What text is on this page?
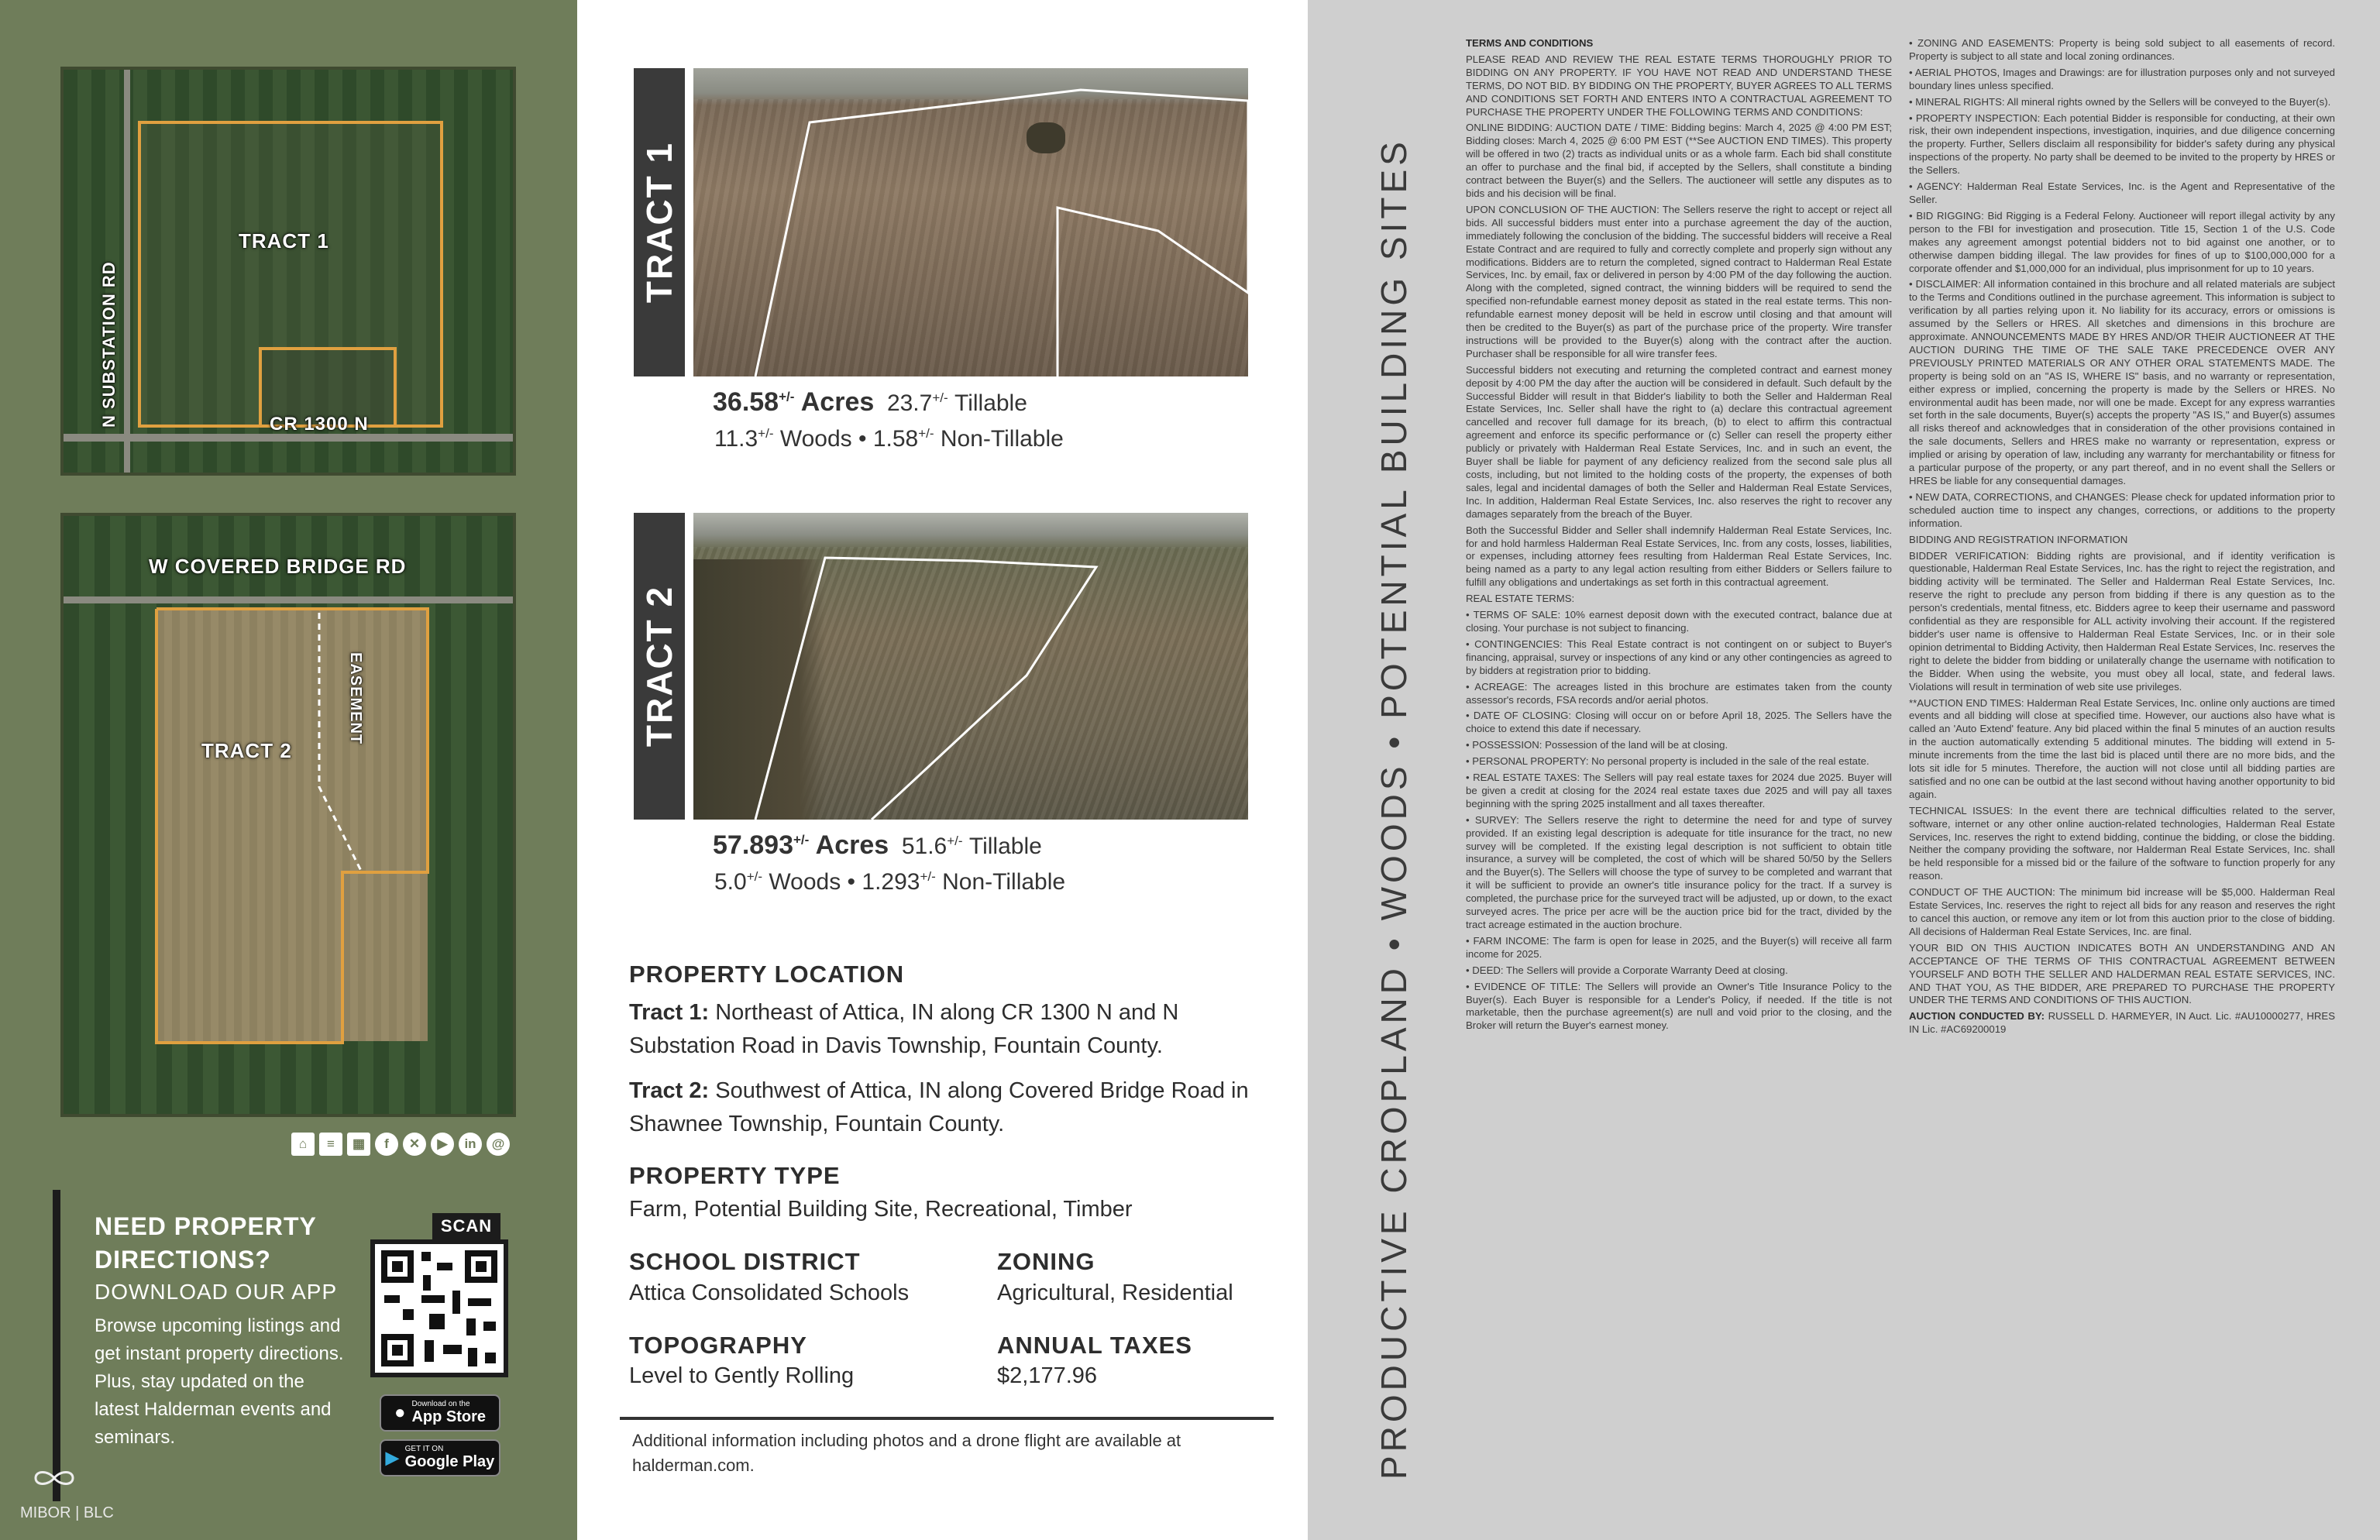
TRACT 1
N SUBSTATION RD	CR 1300 N
W COVERED BRIDGE RD
EASEMENT
TRACT 2
⌂	≡	▦	f	✕	▶	in	@
NEED PROPERTY DIRECTIONS?
DOWNLOAD OUR APP
Browse upcoming listings and get instant property directions. Plus, stay updated on the latest Halderman events and seminars.
SCAN
● Download on the
App Store
▶ GET IT ON
Google Play
MIBOR | BLC
TRACT 1
36.58+/- Acres 23.7+/- Tillable
11.3+/- Woods • 1.58+/- Non-Tillable
TRACT 2
57.893+/- Acres 51.6+/- Tillable
5.0+/- Woods • 1.293+/- Non-Tillable
PROPERTY LOCATION
Tract 1: Northeast of Attica, IN along CR 1300 N and N Substation Road in Davis Township, Fountain County.
Tract 2: Southwest of Attica, IN along Covered Bridge Road in Shawnee Township, Fountain County.
PROPERTY TYPE
Farm, Potential Building Site, Recreational, Timber
SCHOOL DISTRICT
Attica Consolidated Schools
ZONING
Agricultural, Residential
TOPOGRAPHY
Level to Gently Rolling
ANNUAL TAXES
$2,177.96
Additional information including photos and a drone flight are available at halderman.com.	PRODUCTIVE CROPLAND • WOODS • POTENTIAL BUILDING SITES

TERMS AND CONDITIONS

PLEASE READ AND REVIEW THE REAL ESTATE TERMS THOROUGHLY PRIOR TO BIDDING ON ANY PROPERTY. IF YOU HAVE NOT READ AND UNDERSTAND THESE TERMS, DO NOT BID. BY BIDDING ON THE PROPERTY, BUYER AGREES TO ALL TERMS AND CONDITIONS SET FORTH AND ENTERS INTO A CONTRACTUAL AGREEMENT TO PURCHASE THE PROPERTY UNDER THE FOLLOWING TERMS AND CONDITIONS:

ONLINE BIDDING: AUCTION DATE / TIME: Bidding begins: March 4, 2025 @ 4:00 PM EST; Bidding closes: March 4, 2025 @ 6:00 PM EST (**See AUCTION END TIMES). This property will be offered in two (2) tracts as individual units or as a whole farm. Each bid shall constitute an offer to purchase and the final bid, if accepted by the Sellers, shall constitute a binding contract between the Buyer(s) and the Sellers. The auctioneer will settle any disputes as to bids and his decision will be final.

UPON CONCLUSION OF THE AUCTION: The Sellers reserve the right to accept or reject all bids. All successful bidders must enter into a purchase agreement the day of the auction, immediately following the conclusion of the bidding. The successful bidders will receive a Real Estate Contract and are required to fully and correctly complete and properly sign without any modifications. Bidders are to return the completed, signed contract to Halderman Real Estate Services, Inc. by email, fax or delivered in person by 4:00 PM of the day following the auction. Along with the completed, signed contract, the winning bidders will be required to send the specified non-refundable earnest money deposit as stated in the real estate terms. This non-refundable earnest money deposit will be held in escrow until closing and that amount will then be credited to the Buyer(s) as part of the purchase price of the property. Wire transfer instructions will be provided to the Buyer(s) along with the contract after the auction. Purchaser shall be responsible for all wire transfer fees.

Successful bidders not executing and returning the completed contract and earnest money deposit by 4:00 PM the day after the auction will be considered in default. Such default by the Successful Bidder will result in that Bidder's liability to both the Seller and Halderman Real Estate Services, Inc. Seller shall have the right to (a) declare this contractual agreement cancelled and recover full damage for its breach, (b) to elect to affirm this contractual agreement and enforce its specific performance or (c) Seller can resell the property either publicly or privately with Halderman Real Estate Services, Inc. and in such an event, the Buyer shall be liable for payment of any deficiency realized from the second sale plus all costs, including, but not limited to the holding costs of the property, the expenses of both sales, legal and incidental damages of both the Seller and Halderman Real Estate Services, Inc. In addition, Halderman Real Estate Services, Inc. also reserves the right to recover any damages separately from the breach of the Buyer.

Both the Successful Bidder and Seller shall indemnify Halderman Real Estate Services, Inc. for and hold harmless Halderman Real Estate Services, Inc. from any costs, losses, liabilities, or expenses, including attorney fees resulting from Halderman Real Estate Services, Inc. being named as a party to any legal action resulting from either Bidders or Sellers failure to fulfill any obligations and undertakings as set forth in this contractual agreement.

REAL ESTATE TERMS:

• TERMS OF SALE: 10% earnest deposit down with the executed contract, balance due at closing. Your purchase is not subject to financing.

• CONTINGENCIES: This Real Estate contract is not contingent on or subject to Buyer's financing, appraisal, survey or inspections of any kind or any other contingencies as agreed to by bidders at registration prior to bidding.

• ACREAGE: The acreages listed in this brochure are estimates taken from the county assessor's records, FSA records and/or aerial photos.

• DATE OF CLOSING: Closing will occur on or before April 18, 2025. The Sellers have the choice to extend this date if necessary.

• POSSESSION: Possession of the land will be at closing.

• PERSONAL PROPERTY: No personal property is included in the sale of the real estate.

• REAL ESTATE TAXES: The Sellers will pay real estate taxes for 2024 due 2025. Buyer will be given a credit at closing for the 2024 real estate taxes due 2025 and will pay all taxes beginning with the spring 2025 installment and all taxes thereafter.

• SURVEY: The Sellers reserve the right to determine the need for and type of survey provided. If an existing legal description is adequate for title insurance for the tract, no new survey will be completed. If the existing legal description is not sufficient to obtain title insurance, a survey will be completed, the cost of which will be shared 50/50 by the Sellers and the Buyer(s). The Sellers will choose the type of survey to be completed and warrant that it will be sufficient to provide an owner's title insurance policy for the tract. If a survey is completed, the purchase price for the surveyed tract will be adjusted, up or down, to the exact surveyed acres. The price per acre will be the auction price bid for the tract, divided by the tract acreage estimated in the auction brochure.

• FARM INCOME: The farm is open for lease in 2025, and the Buyer(s) will receive all farm income for 2025.

• DEED: The Sellers will provide a Corporate Warranty Deed at closing.

• EVIDENCE OF TITLE: The Sellers will provide an Owner's Title Insurance Policy to the Buyer(s). Each Buyer is responsible for a Lender's Policy, if needed. If the title is not marketable, then the purchase agreement(s) are null and void prior to the closing, and the Broker will return the Buyer's earnest money.

• ZONING AND EASEMENTS: Property is being sold subject to all easements of record. Property is subject to all state and local zoning ordinances.

• AERIAL PHOTOS, Images and Drawings: are for illustration purposes only and not surveyed boundary lines unless specified.

• MINERAL RIGHTS: All mineral rights owned by the Sellers will be conveyed to the Buyer(s).

• PROPERTY INSPECTION: Each potential Bidder is responsible for conducting, at their own risk, their own independent inspections, investigation, inquiries, and due diligence concerning the property. Further, Sellers disclaim all responsibility for bidder's safety during any physical inspections of the property. No party shall be deemed to be invited to the property by HRES or the Sellers.

• AGENCY: Halderman Real Estate Services, Inc. is the Agent and Representative of the Seller.

• BID RIGGING: Bid Rigging is a Federal Felony. Auctioneer will report illegal activity by any person to the FBI for investigation and prosecution. Title 15, Section 1 of the U.S. Code makes any agreement amongst potential bidders not to bid against one another, or to otherwise dampen bidding illegal. The law provides for fines of up to $100,000,000 for a corporate offender and $1,000,000 for an individual, plus imprisonment for up to 10 years.

• DISCLAIMER: All information contained in this brochure and all related materials are subject to the Terms and Conditions outlined in the purchase agreement. This information is subject to verification by all parties relying upon it. No liability for its accuracy, errors or omissions is assumed by the Sellers or HRES. All sketches and dimensions in this brochure are approximate. ANNOUNCEMENTS MADE BY HRES AND/OR THEIR AUCTIONEER AT THE AUCTION DURING THE TIME OF THE SALE TAKE PRECEDENCE OVER ANY PREVIOUSLY PRINTED MATERIALS OR ANY OTHER ORAL STATEMENTS MADE. The property is being sold on an "AS IS, WHERE IS" basis, and no warranty or representation, either express or implied, concerning the property is made by the Sellers or HRES. No environmental audit has been made, nor will one be made. Except for any express warranties set forth in the sale documents, Buyer(s) accepts the property "AS IS," and Buyer(s) assumes all risks thereof and acknowledges that in consideration of the other provisions contained in the sale documents, Sellers and HRES make no warranty or representation, express or implied or arising by operation of law, including any warranty for merchantability or fitness for a particular purpose of the property, or any part thereof, and in no event shall the Sellers or HRES be liable for any consequential damages.

• NEW DATA, CORRECTIONS, and CHANGES: Please check for updated information prior to scheduled auction time to inspect any changes, corrections, or additions to the property information.

BIDDING AND REGISTRATION INFORMATION

BIDDER VERIFICATION: Bidding rights are provisional, and if identity verification is questionable, Halderman Real Estate Services, Inc. has the right to reject the registration, and bidding activity will be terminated. The Seller and Halderman Real Estate Services, Inc. reserve the right to preclude any person from bidding if there is any question as to the person's credentials, mental fitness, etc. Bidders agree to keep their username and password confidential as they are responsible for ALL activity involving their account. If the registered bidder's user name is offensive to Halderman Real Estate Services, Inc. or in their sole opinion detrimental to Bidding Activity, then Halderman Real Estate Services, Inc. reserves the right to delete the bidder from bidding or unilaterally change the username with notification to the Bidder. When using the website, you must obey all local, state, and federal laws. Violations will result in termination of web site use privileges.

**AUCTION END TIMES: Halderman Real Estate Services, Inc. online only auctions are timed events and all bidding will close at specified time. However, our auctions also have what is called an 'Auto Extend' feature. Any bid placed within the final 5 minutes of an auction results in the auction automatically extending 5 additional minutes. The bidding will extend in 5-minute increments from the time the last bid is placed until there are no more bids, and the lots sit idle for 5 minutes. Therefore, the auction will not close until all bidding parties are satisfied and no one can be outbid at the last second without having another opportunity to bid again.

TECHNICAL ISSUES: In the event there are technical difficulties related to the server, software, internet or any other online auction-related technologies, Halderman Real Estate Services, Inc. reserves the right to extend bidding, continue the bidding, or close the bidding. Neither the company providing the software, nor Halderman Real Estate Services, Inc. shall be held responsible for a missed bid or the failure of the software to function properly for any reason.

CONDUCT OF THE AUCTION: The minimum bid increase will be $5,000. Halderman Real Estate Services, Inc. reserves the right to reject all bids for any reason and reserves the right to cancel this auction, or remove any item or lot from this auction prior to the close of bidding. All decisions of Halderman Real Estate Services, Inc. are final.

YOUR BID ON THIS AUCTION INDICATES BOTH AN UNDERSTANDING AND AN ACCEPTANCE OF THE TERMS OF THIS CONTRACTUAL AGREEMENT BETWEEN YOURSELF AND BOTH THE SELLER AND HALDERMAN REAL ESTATE SERVICES, INC. AND THAT YOU, AS THE BIDDER, ARE PREPARED TO PURCHASE THE PROPERTY UNDER THE TERMS AND CONDITIONS OF THIS AUCTION.

AUCTION CONDUCTED BY: RUSSELL D. HARMEYER, IN Auct. Lic. #AU10000277, HRES IN Lic. #AC69200019
